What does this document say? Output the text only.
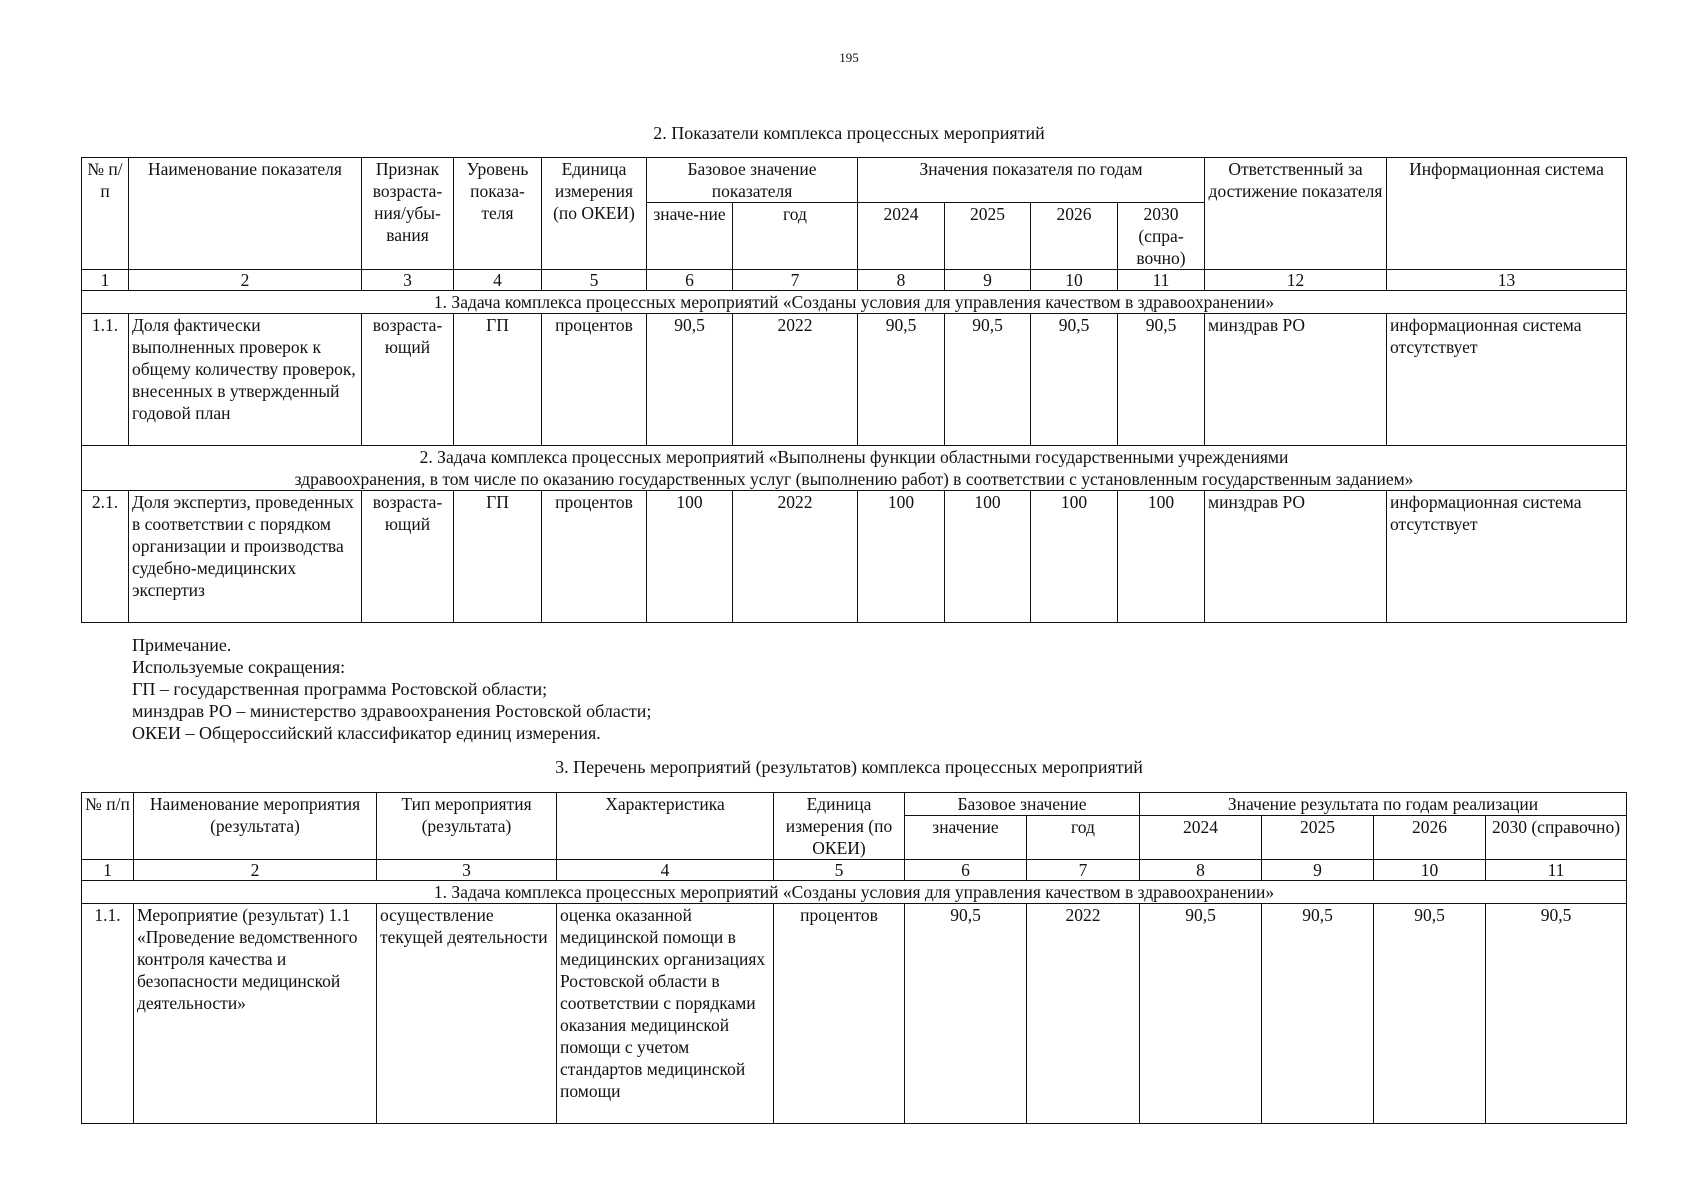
195
2. Показатели комплекса процессных мероприятий
№ п/п	Наименование показателя	Признак возраста-ния/убы-вания	Уровень показа-теля	Единица измерения (по ОКЕИ)	Базовое значение показателя		Значения показателя по годам				Ответственный за достижение показателя	Информационная система
					значе-ние	год	2024	2025	2026	2030 (спра-вочно)		
1	2	3	4	5	6	7	8	9	10	11	12	13
1. Задача комплекса процессных мероприятий «Созданы условия для управления качеством в здравоохранении»												
1.1.	Доля фактически выполненных проверок к общему количеству проверок, внесенных в утвержденный годовой план	возраста-ющий	ГП	процентов	90,5	2022	90,5	90,5	90,5	90,5	минздрав РО	информационная система отсутствует

2. Задача комплекса процессных мероприятий «Выполнены функции областными государственными учреждениями
здравоохранения, в том числе по оказанию государственных услуг (выполнению работ) в соответствии с установленным государственным заданием»												

2.1.	Доля экспертиз, проведенных в соответствии с порядком организации и производства судебно-медицинских экспертиз	возраста-ющий	ГП	процентов	100	2022	100	100	100	100	минздрав РО	информационная система отсутствует
Примечание.
Используемые сокращения:
ГП – государственная программа Ростовской области;
минздрав РО – министерство здравоохранения Ростовской области;
ОКЕИ – Общероссийский классификатор единиц измерения.
3. Перечень мероприятий (результатов) комплекса процессных мероприятий
№ п/п	Наименование мероприятия (результата)	Тип мероприятия (результата)	Характеристика	Единица измерения (по ОКЕИ)	Базовое значение		Значение результата по годам реализации			
					значение	год	2024	2025	2026	2030 (справочно)
1	2	3	4	5	6	7	8	9	10	11
1. Задача комплекса процессных мероприятий «Созданы условия для управления качеством в здравоохранении»										
1.1.	Мероприятие (результат) 1.1 «Проведение ведомственного контроля качества и безопасности медицинской деятельности»	осуществление текущей деятельности	оценка оказанной медицинской помощи в медицинских организациях Ростовской области в соответствии с порядками оказания медицинской помощи с учетом стандартов медицинской помощи	процентов	90,5	2022	90,5	90,5	90,5	90,5
